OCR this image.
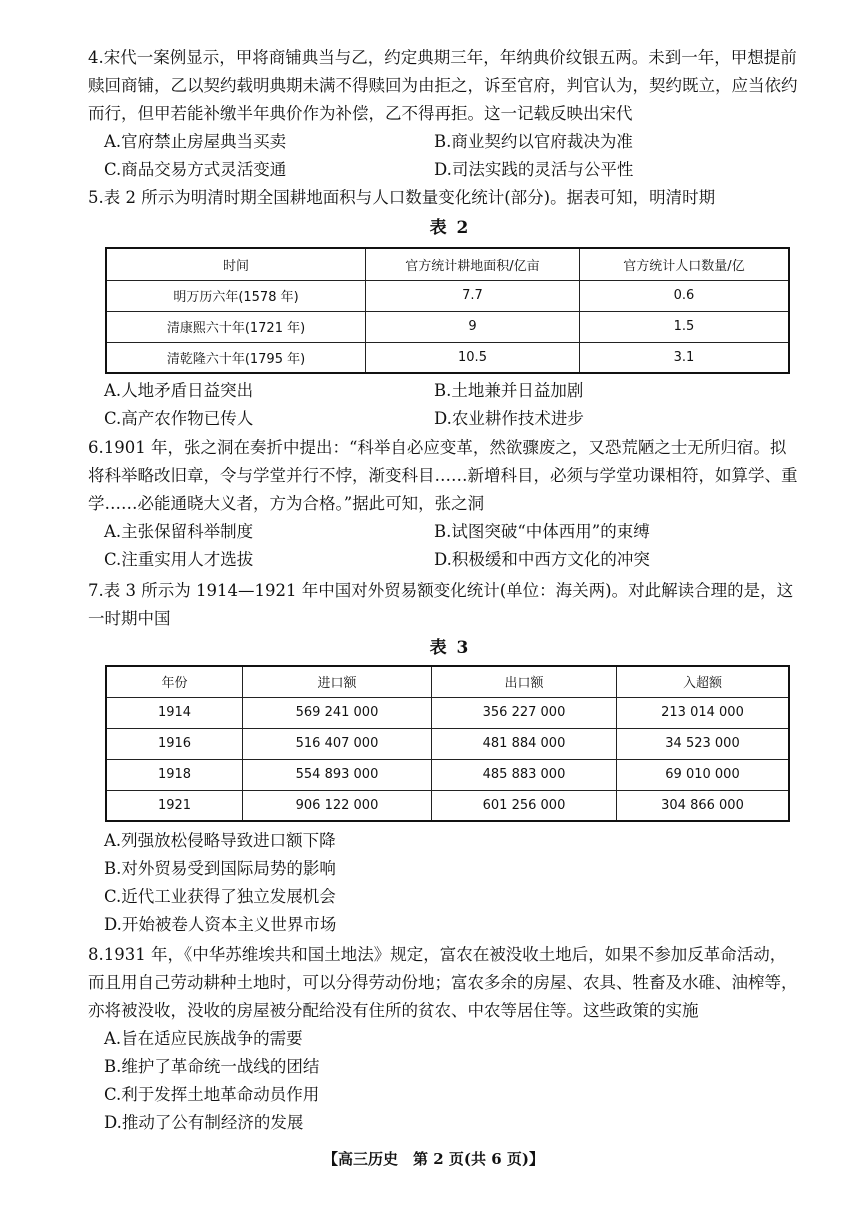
4.宋代一案例显示，甲将商铺典当与乙，约定典期三年，年纳典价纹银五两。未到一年，甲想提前赎回商铺，乙以契约载明典期未满不得赎回为由拒之，诉至官府，判官认为，契约既立，应当依约而行，但甲若能补缴半年典价作为补偿，乙不得再拒。这一记载反映出宋代

A.官府禁止房屋典当买卖	B.商业契约以官府裁决为准
C.商品交易方式灵活变通	D.司法实践的灵活与公平性

5.表 2 所示为明清时期全国耕地面积与人口数量变化统计(部分)。据表可知，明清时期

表 2
时间	官方统计耕地面积/亿亩	官方统计人口数量/亿
明万历六年(1578 年)	7.7	0.6
清康熙六十年(1721 年)	9	1.5
清乾隆六十年(1795 年)	10.5	3.1
A.人地矛盾日益突出	B.土地兼并日益加剧
C.高产农作物已传人	D.农业耕作技术进步

6.1901 年，张之洞在奏折中提出：“科举自必应变革，然欲骤废之，又恐荒陋之士无所归宿。拟将科举略改旧章，令与学堂并行不悖，渐变科目……新增科目，必须与学堂功课相符，如算学、重学……必能通晓大义者，方为合格。”据此可知，张之洞

A.主张保留科举制度	B.试图突破“中体西用”的束缚
C.注重实用人才选拔	D.积极缓和中西方文化的冲突

7.表 3 所示为 1914—1921 年中国对外贸易额变化统计(单位：海关两)。对此解读合理的是，这一时期中国

表 3
年份	进口额	出口额	入超额
1914	569 241 000	356 227 000	213 014 000
1916	516 407 000	481 884 000	34 523 000
1918	554 893 000	485 883 000	69 010 000
1921	906 122 000	601 256 000	304 866 000
A.列强放松侵略导致进口额下降
B.对外贸易受到国际局势的影响
C.近代工业获得了独立发展机会
D.开始被卷人资本主义世界市场

8.1931 年，《中华苏维埃共和国土地法》规定，富农在被没收土地后，如果不参加反革命活动，而且用自己劳动耕种土地时，可以分得劳动份地；富农多余的房屋、农具、牲畜及水碓、油榨等，亦将被没收，没收的房屋被分配给没有住所的贫农、中农等居住等。这些政策的实施

A.旨在适应民族战争的需要
B.维护了革命统一战线的团结
C.利于发挥土地革命动员作用
D.推动了公有制经济的发展
【高三历史　第 2 页(共 6 页)】
